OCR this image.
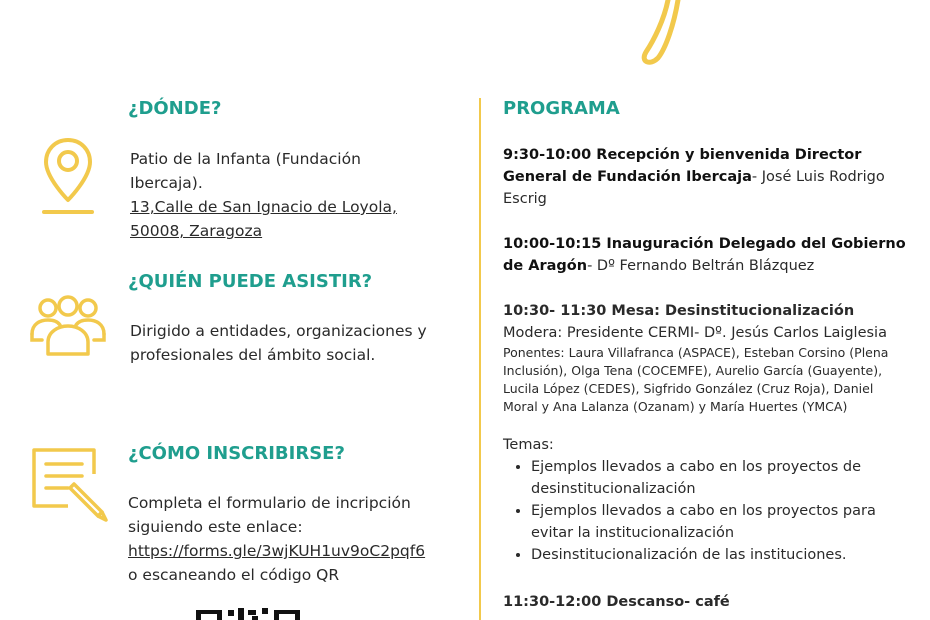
¿DÓNDE?
Patio de la Infanta (Fundación
Ibercaja).
13,Calle de San Ignacio de Loyola,
50008, Zaragoza
¿QUIÉN PUEDE ASISTIR?
Dirigido a entidades, organizaciones y
profesionales del ámbito social.
¿CÓMO INSCRIBIRSE?
Completa el formulario de incripción
siguiendo este enlace:
https://forms.gle/3wjKUH1uv9oC2pqf6
o escaneando el código QR
PROGRAMA
9:30-10:00 Recepción y bienvenida Director
General de Fundación Ibercaja- José Luis Rodrigo
Escrig
10:00-10:15 Inauguración Delegado del Gobierno
de Aragón- Dº Fernando Beltrán Blázquez
10:30- 11:30 Mesa: Desinstitucionalización
Modera: Presidente CERMI- Dº. Jesús Carlos Laiglesia
Ponentes: Laura Villafranca (ASPACE), Esteban Corsino (Plena
Inclusión), Olga Tena (COCEMFE), Aurelio García (Guayente),
Lucila López (CEDES), Sigfrido González (Cruz Roja), Daniel
Moral y Ana Lalanza (Ozanam) y María Huertes (YMCA)
Temas:
• Ejemplos llevados a cabo en los proyectos de
desinstitucionalización
• Ejemplos llevados a cabo en los proyectos para
evitar la institucionalización
• Desinstitucionalización de las instituciones.
11:30-12:00 Descanso- café
